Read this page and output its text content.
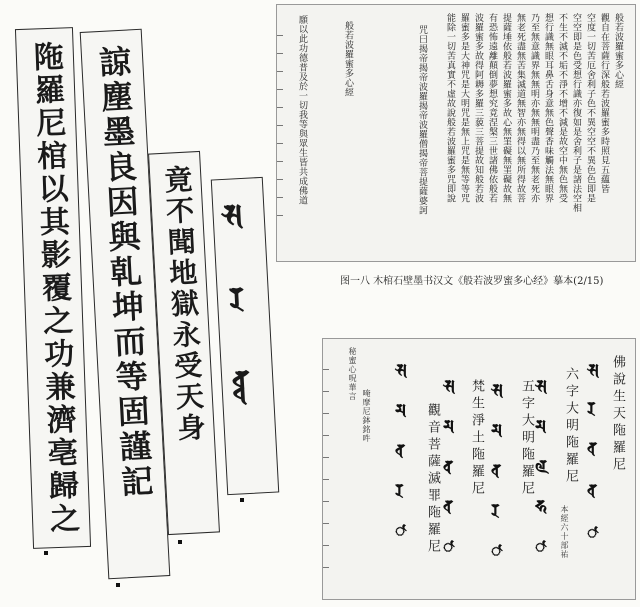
陁羅尼棺以其影覆之功兼濟亳歸之 諒塵墨良因與乹坤而等固謹記 竟不聞地獄永受天身 𑖭𑖨𑖪𑖿𑖪
般若波羅蜜多心經
觀自在菩薩行深般若波羅蜜多時照見五蘊皆
空度一切苦厄舍利子色不異空空不異色色即是
空空即是色受想行識亦復如是舍利子是諸法空相
不生不滅不垢不淨不增不減是故空中無色無受
想行識無眼耳鼻舌身意無色聲香味觸法無眼界
乃至無意識界無無明亦無無明盡乃至無老死亦
無老死盡無苦集滅道無智亦無得以無所得故菩
提薩埵依般若波羅蜜多故心無罣礙無罣礙故無
有恐怖遠離顛倒夢想究竟涅槃三世諸佛依般若
波羅蜜多故得阿耨多羅三藐三菩提故知般若波
羅蜜多是大神咒是大明咒是無上咒是無等等咒
能除一切苦真實不虛故說般若波羅蜜多咒即說
咒曰揭帝揭帝波羅揭帝波羅僧揭帝菩提薩婆訶
般若波羅蜜多心經
願以此功德普及於一切我等與眾生皆共成佛道
图一八 木棺石壁墨书汉文《般若波罗蜜多心经》摹本(2/15)
佛說生天陁羅尼
六字大明陁羅尼
五字大明陁羅尼
梵生淨土陁羅尼
觀音菩薩滅罪陁羅尼
𑖭
𑖨
𑖪
𑖪
𑖯
𑖭
𑖦
𑖩
𑖮
𑖯
𑖭
𑖦
𑖪
𑖨
𑖯
𑖭
𑖦
𑖤
𑖪
𑖯
𑖭
𑖦
𑖪
𑖨
𑖯
秘蜜心呪華言
唵摩尼鉢銘吽
本經六十部祐
